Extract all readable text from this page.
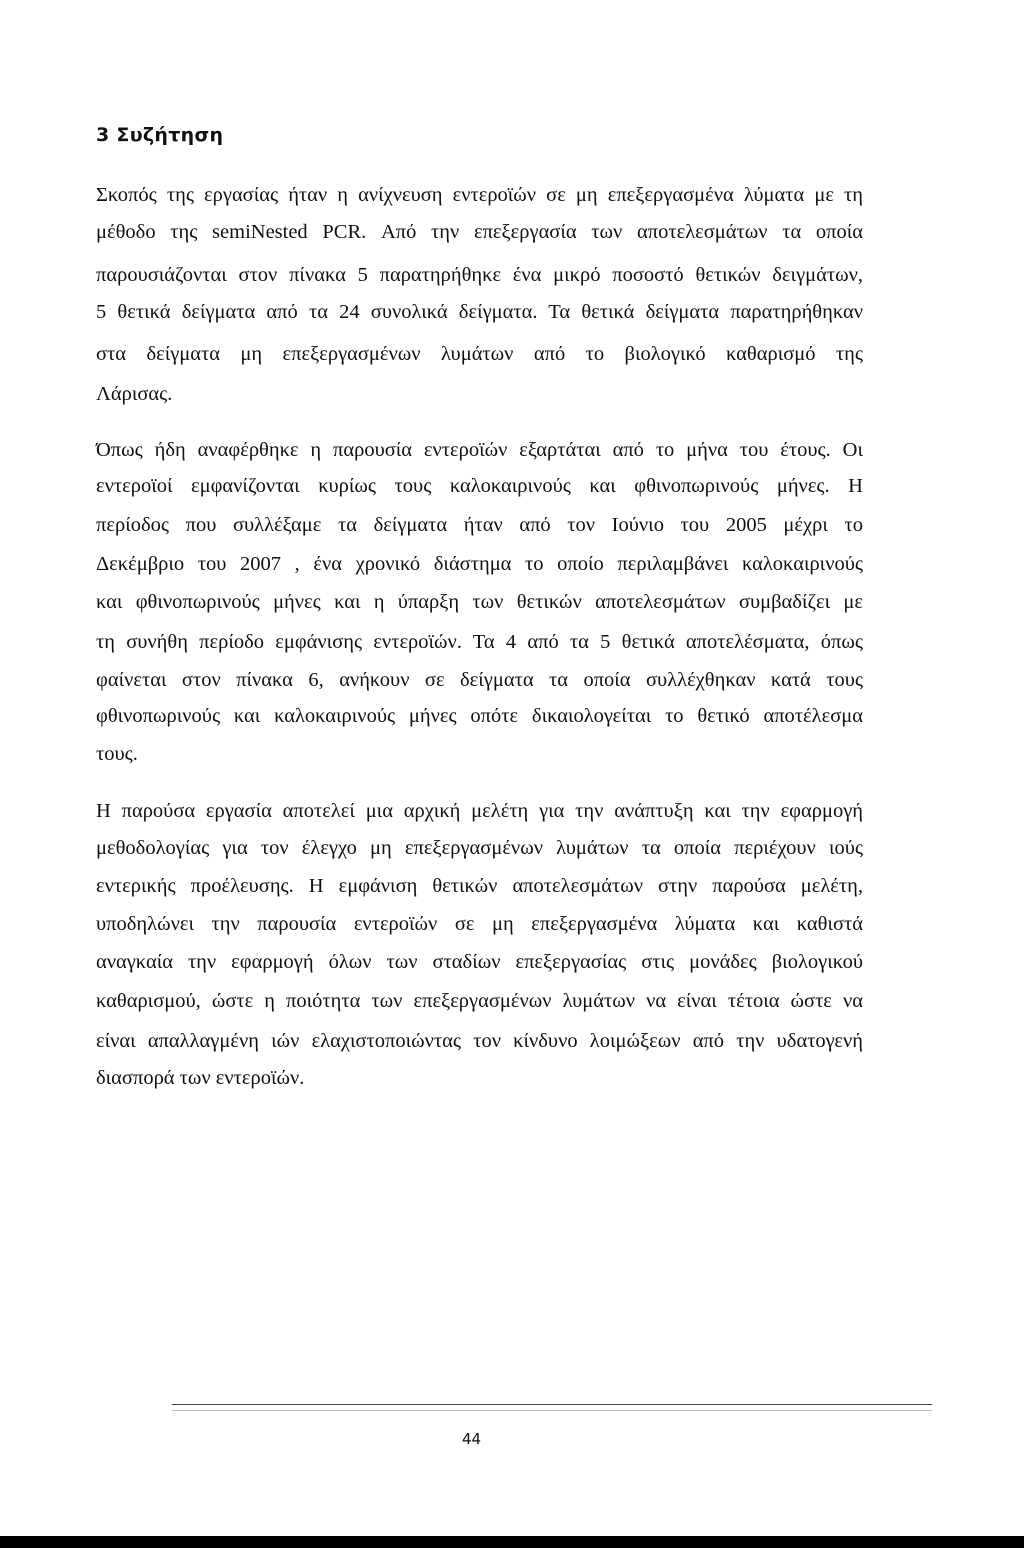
3 Συζήτηση
Σκοπός της εργασίας ήταν η ανίχνευση εντεροϊών σε μη επεξεργασμένα λύματα με τη
μέθοδο της semiNested PCR. Από την επεξεργασία των αποτελεσμάτων τα οποία
παρουσιάζονται στον πίνακα 5 παρατηρήθηκε ένα μικρό ποσοστό θετικών δειγμάτων,
5 θετικά δείγματα από τα 24 συνολικά δείγματα. Τα θετικά δείγματα παρατηρήθηκαν
στα δείγματα μη επεξεργασμένων λυμάτων από το βιολογικό καθαρισμό της
Λάρισας.
Όπως ήδη αναφέρθηκε η παρουσία εντεροϊών εξαρτάται από το μήνα του έτους. Οι
εντεροϊοί εμφανίζονται κυρίως τους καλοκαιρινούς και φθινοπωρινούς μήνες. Η
περίοδος που συλλέξαμε τα δείγματα ήταν από τον Ιούνιο του 2005 μέχρι το
Δεκέμβριο του 2007 , ένα χρονικό διάστημα το οποίο περιλαμβάνει καλοκαιρινούς
και φθινοπωρινούς μήνες και η ύπαρξη των θετικών αποτελεσμάτων συμβαδίζει με
τη συνήθη περίοδο εμφάνισης εντεροϊών. Τα 4 από τα 5 θετικά αποτελέσματα, όπως
φαίνεται στον πίνακα 6, ανήκουν σε δείγματα τα οποία συλλέχθηκαν κατά τους
φθινοπωρινούς και καλοκαιρινούς μήνες οπότε δικαιολογείται το θετικό αποτέλεσμα
τους.
Η παρούσα εργασία αποτελεί μια αρχική μελέτη για την ανάπτυξη και την εφαρμογή
μεθοδολογίας για τον έλεγχο μη επεξεργασμένων λυμάτων τα οποία περιέχουν ιούς
εντερικής προέλευσης. Η εμφάνιση θετικών αποτελεσμάτων στην παρούσα μελέτη,
υποδηλώνει την παρουσία εντεροϊών σε μη επεξεργασμένα λύματα και καθιστά
αναγκαία την εφαρμογή όλων των σταδίων επεξεργασίας στις μονάδες βιολογικού
καθαρισμού, ώστε η ποιότητα των επεξεργασμένων λυμάτων να είναι τέτοια ώστε να
είναι απαλλαγμένη ιών ελαχιστοποιώντας τον κίνδυνο λοιμώξεων από την υδατογενή
διασπορά των εντεροϊών.
44
